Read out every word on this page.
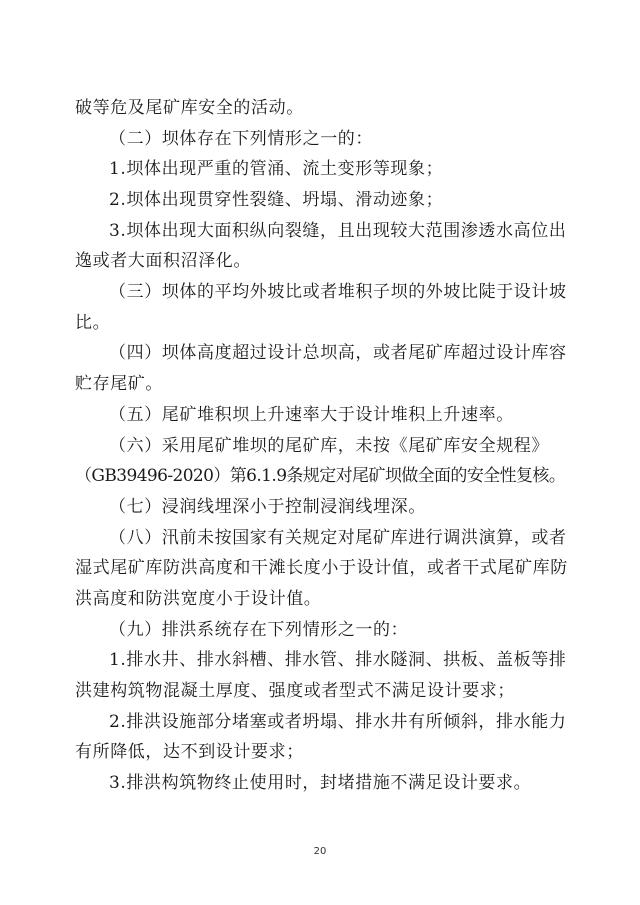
破等危及尾矿库安全的活动。
（二）坝体存在下列情形之一的：
1.坝体出现严重的管涌、流土变形等现象；
2.坝体出现贯穿性裂缝、坍塌、滑动迹象；
3.坝体出现大面积纵向裂缝，且出现较大范围渗透水高位出
逸或者大面积沼泽化。
（三）坝体的平均外坡比或者堆积子坝的外坡比陡于设计坡
比。
（四）坝体高度超过设计总坝高，或者尾矿库超过设计库容
贮存尾矿。
（五）尾矿堆积坝上升速率大于设计堆积上升速率。
（六）采用尾矿堆坝的尾矿库，未按《尾矿库安全规程》
（GB39496-2020）第6.1.9条规定对尾矿坝做全面的安全性复核。
（七）浸润线埋深小于控制浸润线埋深。
（八）汛前未按国家有关规定对尾矿库进行调洪演算，或者
湿式尾矿库防洪高度和干滩长度小于设计值，或者干式尾矿库防
洪高度和防洪宽度小于设计值。
（九）排洪系统存在下列情形之一的：
1.排水井、排水斜槽、排水管、排水隧洞、拱板、盖板等排
洪建构筑物混凝土厚度、强度或者型式不满足设计要求；
2.排洪设施部分堵塞或者坍塌、排水井有所倾斜，排水能力
有所降低，达不到设计要求；
3.排洪构筑物终止使用时，封堵措施不满足设计要求。
20
